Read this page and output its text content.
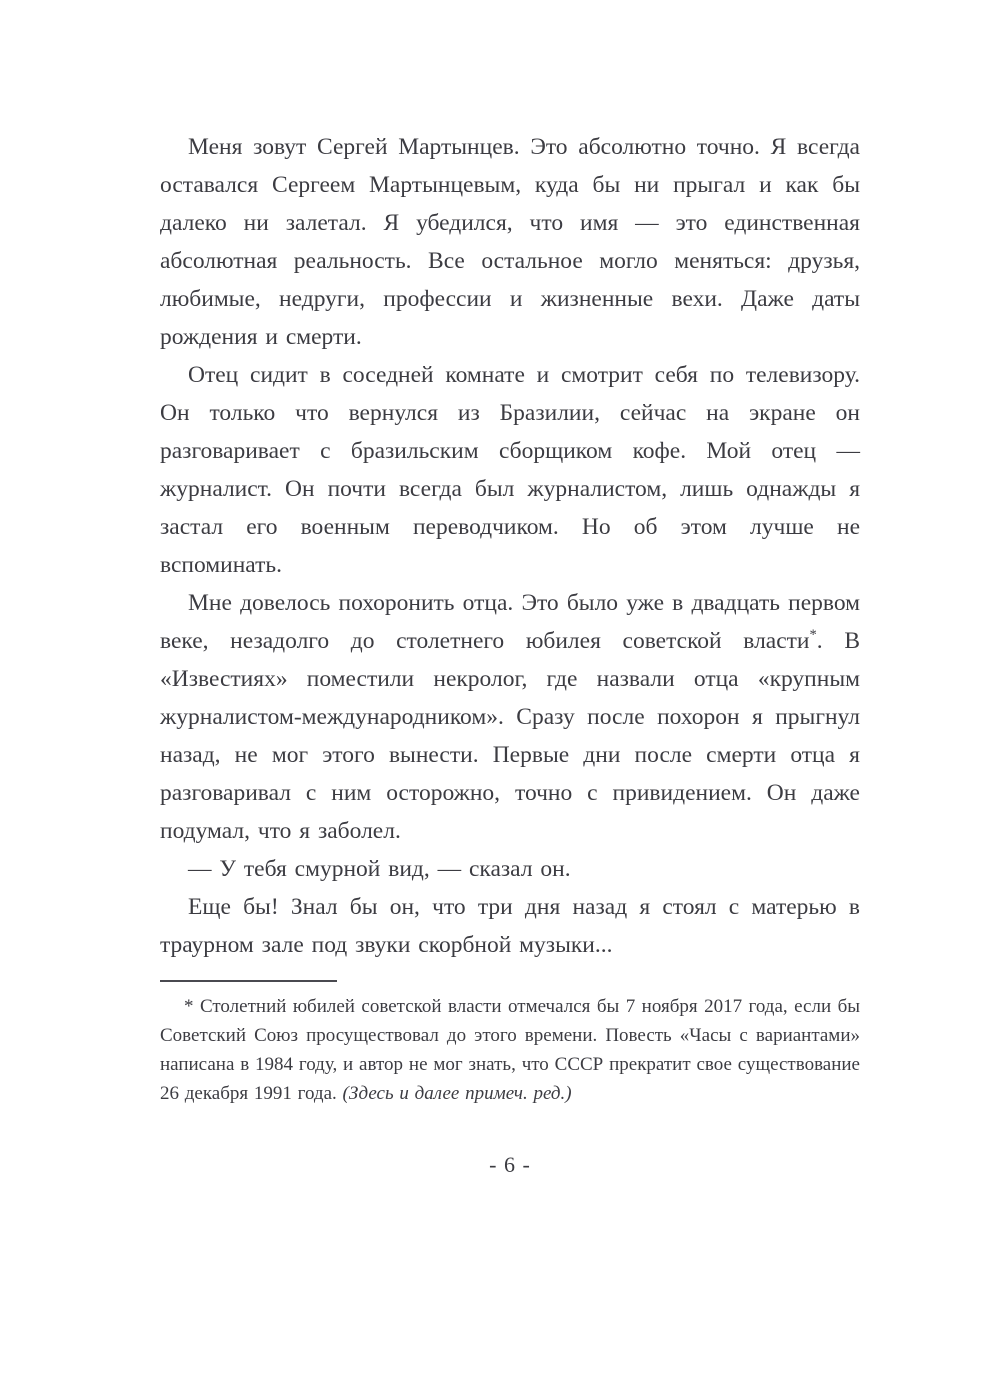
Меня зовут Сергей Мартынцев. Это абсолютно точно. Я всегда оставался Сергеем Мартынцевым, куда бы ни прыгал и как бы далеко ни залетал. Я убедился, что имя — это единственная абсолютная реальность. Все остальное могло меняться: друзья, любимые, недруги, профессии и жизненные вехи. Даже даты рождения и смерти.

Отец сидит в соседней комнате и смотрит себя по телевизору. Он только что вернулся из Бразилии, сейчас на экране он разговаривает с бразильским сборщиком кофе. Мой отец — журналист. Он почти всегда был журналистом, лишь однажды я застал его военным переводчиком. Но об этом лучше не вспоминать.

Мне довелось похоронить отца. Это было уже в двадцать первом веке, незадолго до столетнего юбилея советской власти*. В «Известиях» поместили некролог, где назвали отца «крупным журналистом-международником». Сразу после похорон я прыгнул назад, не мог этого вынести. Первые дни после смерти отца я разговаривал с ним осторожно, точно с привидением. Он даже подумал, что я заболел.

— У тебя смурной вид, — сказал он.

Еще бы! Знал бы он, что три дня назад я стоял с матерью в траурном зале под звуки скорбной музыки...

* Столетний юбилей советской власти отмечался бы 7 ноября 2017 года, если бы Советский Союз просуществовал до этого времени. Повесть «Часы с вариантами» написана в 1984 году, и автор не мог знать, что СССР прекратит свое существование 26 декабря 1991 года. (Здесь и далее примеч. ред.)

- 6 -
